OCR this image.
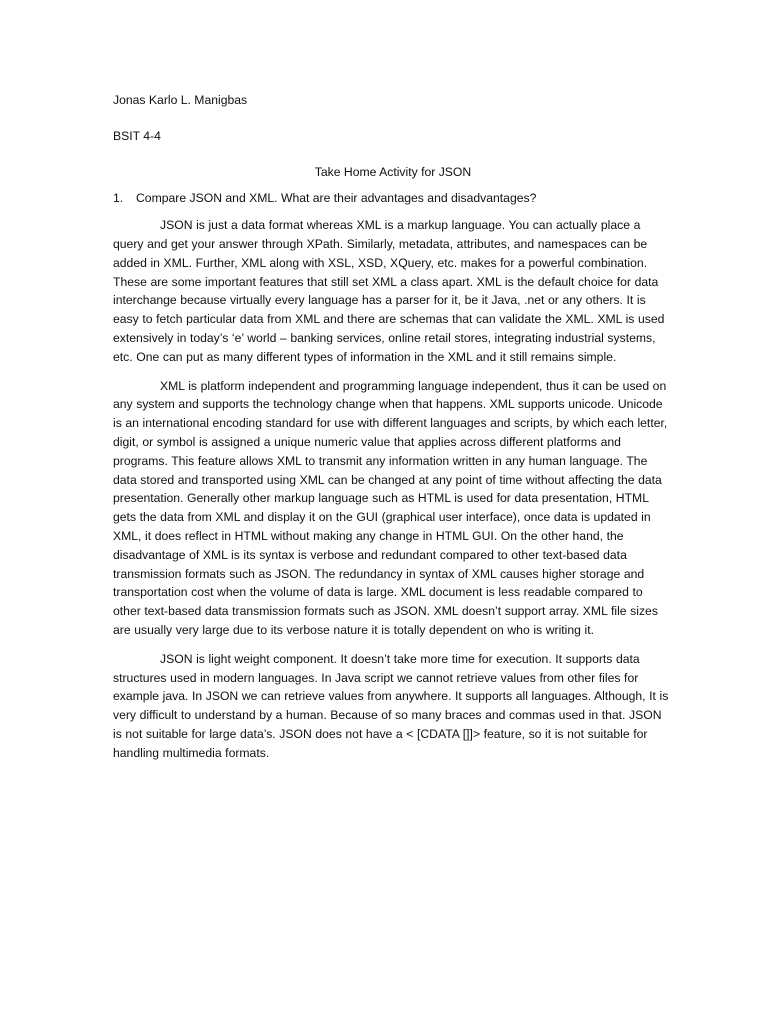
Jonas Karlo L. Manigbas

BSIT 4-4

Take Home Activity for JSON

1.	Compare JSON and XML. What are their advantages and disadvantages?

JSON is just a data format whereas XML is a markup language. You can actually place a query and get your answer through XPath. Similarly, metadata, attributes, and namespaces can be added in XML. Further, XML along with XSL, XSD, XQuery, etc. makes for a powerful combination. These are some important features that still set XML a class apart. XML is the default choice for data interchange because virtually every language has a parser for it, be it Java, .net or any others. It is easy to fetch particular data from XML and there are schemas that can validate the XML. XML is used extensively in today’s ‘e’ world – banking services, online retail stores, integrating industrial systems, etc. One can put as many different types of information in the XML and it still remains simple.

XML is platform independent and programming language independent, thus it can be used on any system and supports the technology change when that happens. XML supports unicode. Unicode is an international encoding standard for use with different languages and scripts, by which each letter, digit, or symbol is assigned a unique numeric value that applies across different platforms and programs. This feature allows XML to transmit any information written in any human language. The data stored and transported using XML can be changed at any point of time without affecting the data presentation. Generally other markup language such as HTML is used for data presentation, HTML gets the data from XML and display it on the GUI (graphical user interface), once data is updated in XML, it does reflect in HTML without making any change in HTML GUI. On the other hand, the disadvantage of XML is its syntax is verbose and redundant compared to other text-based data transmission formats such as JSON. The redundancy in syntax of XML causes higher storage and transportation cost when the volume of data is large. XML document is less readable compared to other text-based data transmission formats such as JSON. XML doesn’t support array. XML file sizes are usually very large due to its verbose nature it is totally dependent on who is writing it.

JSON is light weight component. It doesn’t take more time for execution. It supports data structures used in modern languages. In Java script we cannot retrieve values from other files for example java. In JSON we can retrieve values from anywhere. It supports all languages. Although, It is very difficult to understand by a human. Because of so many braces and commas used in that. JSON is not suitable for large data’s. JSON does not have a < [CDATA []]> feature, so it is not suitable for handling multimedia formats.
